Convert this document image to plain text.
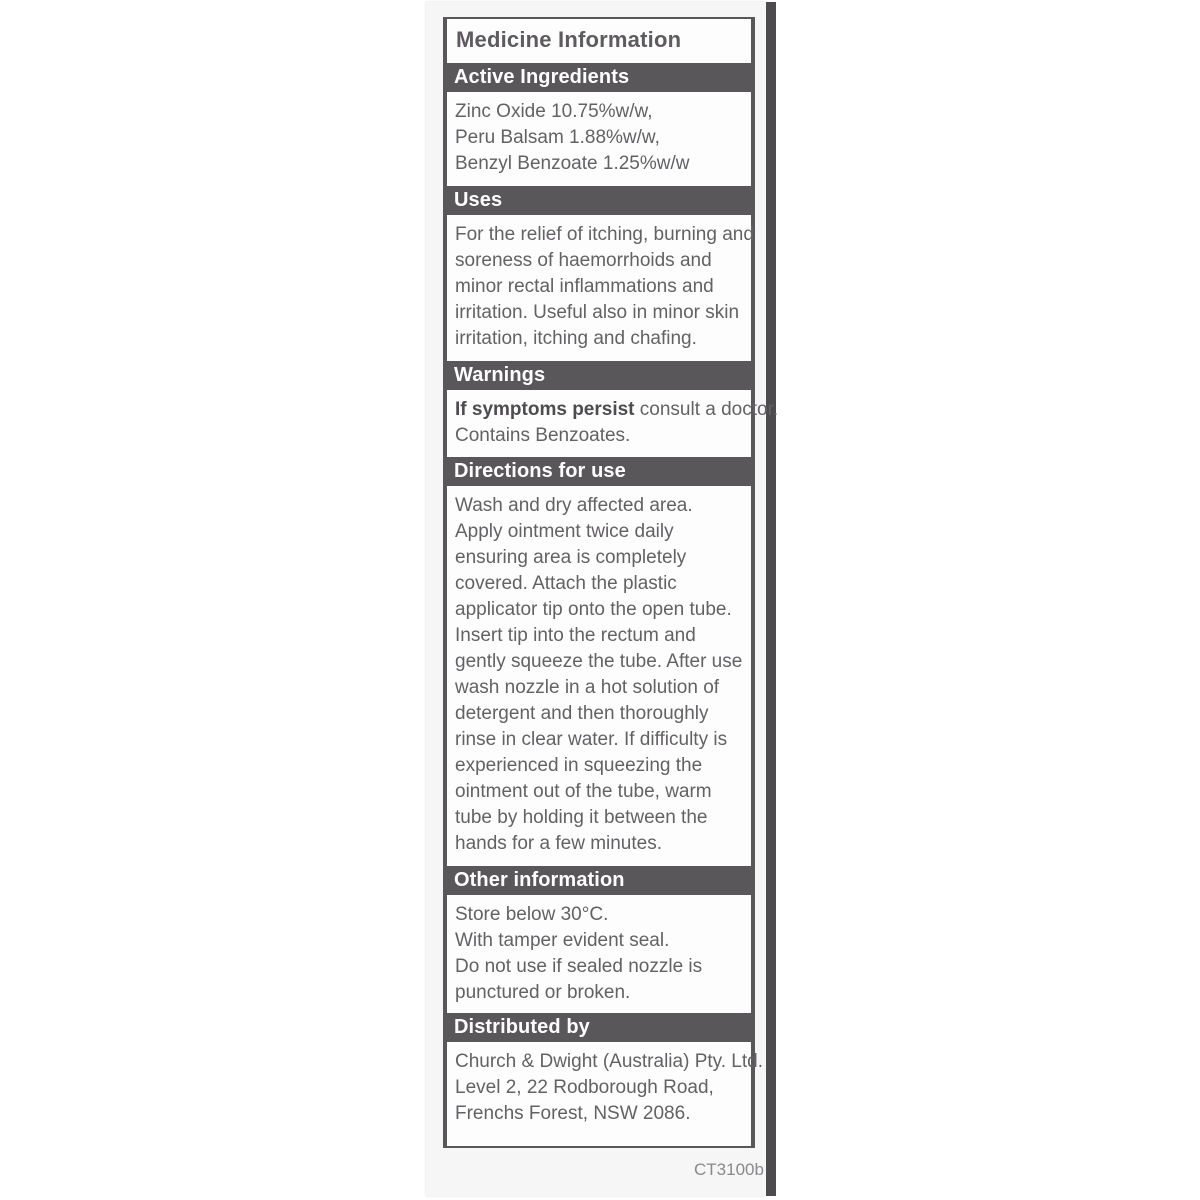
Medicine Information
Active Ingredients
Zinc Oxide 10.75%w/w,
Peru Balsam 1.88%w/w,
Benzyl Benzoate 1.25%w/w
Uses
For the relief of itching, burning and
soreness of haemorrhoids and
minor rectal inflammations and
irritation. Useful also in minor skin
irritation, itching and chafing.
Warnings
If symptoms persist consult a doctor.
Contains Benzoates.
Directions for use
Wash and dry affected area.
Apply ointment twice daily
ensuring area is completely
covered. Attach the plastic
applicator tip onto the open tube.
Insert tip into the rectum and
gently squeeze the tube. After use
wash nozzle in a hot solution of
detergent and then thoroughly
rinse in clear water. If difficulty is
experienced in squeezing the
ointment out of the tube, warm
tube by holding it between the
hands for a few minutes.
Other information
Store below 30°C.
With tamper evident seal.
Do not use if sealed nozzle is
punctured or broken.
Distributed by
Church & Dwight (Australia) Pty. Ltd.
Level 2, 22 Rodborough Road,
Frenchs Forest, NSW 2086.
CT3100b
